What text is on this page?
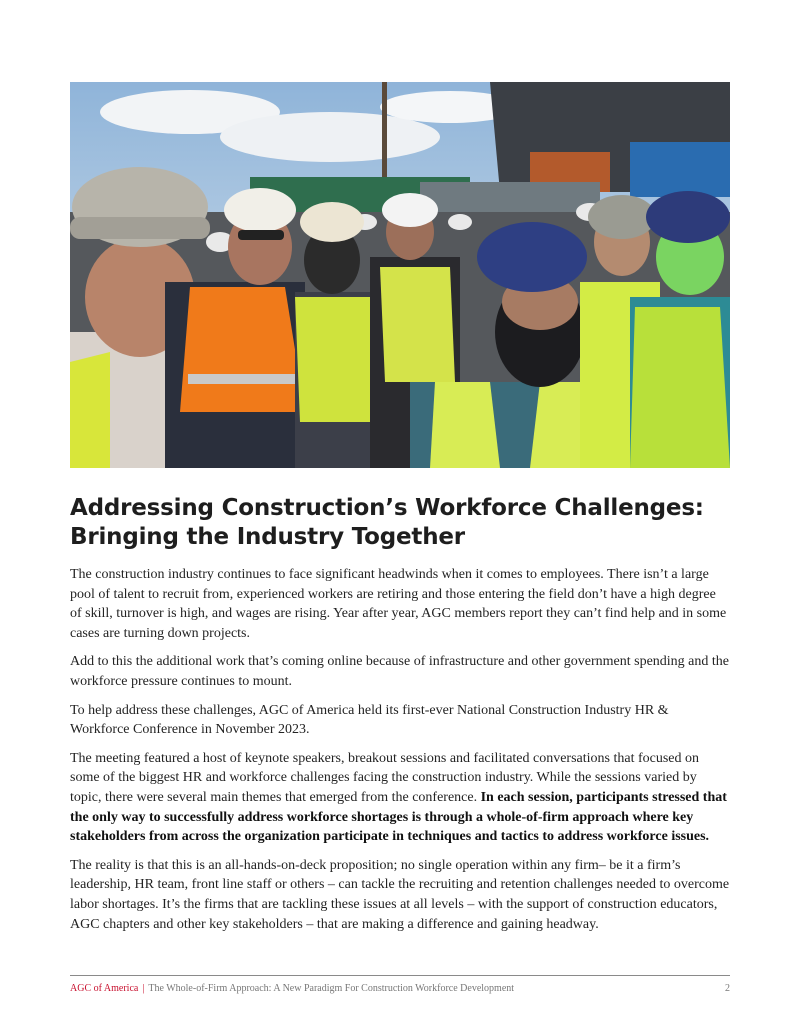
Addressing Construction’s Workforce Challenges:
Bringing the Industry Together

The construction industry continues to face significant headwinds when it comes to employees. There isn’t a large pool of talent to recruit from, experienced workers are retiring and those entering the field don’t have a high degree of skill, turnover is high, and wages are rising. Year after year, AGC members report they can’t find help and in some cases are turning down projects.

Add to this the additional work that’s coming online because of infrastructure and other government spending and the workforce pressure continues to mount.

To help address these challenges, AGC of America held its first-ever National Construction Industry HR & Workforce Conference in November 2023.

The meeting featured a host of keynote speakers, breakout sessions and facilitated conversations that focused on some of the biggest HR and workforce challenges facing the construction industry. While the sessions varied by topic, there were several main themes that emerged from the conference. In each session, participants stressed that the only way to successfully address workforce shortages is through a whole-of-firm approach where key stakeholders from across the organization participate in techniques and tactics to address workforce issues.

The reality is that this is an all-hands-on-deck proposition; no single operation within any firm– be it a firm’s leadership, HR team, front line staff or others – can tackle the recruiting and retention challenges needed to overcome labor shortages. It’s the firms that are tackling these issues at all levels – with the support of construction educators, AGC chapters and other key stakeholders – that are making a difference and gaining headway.

AGC of America | The Whole-of-Firm Approach: A New Paradigm For Construction Workforce Development	2
